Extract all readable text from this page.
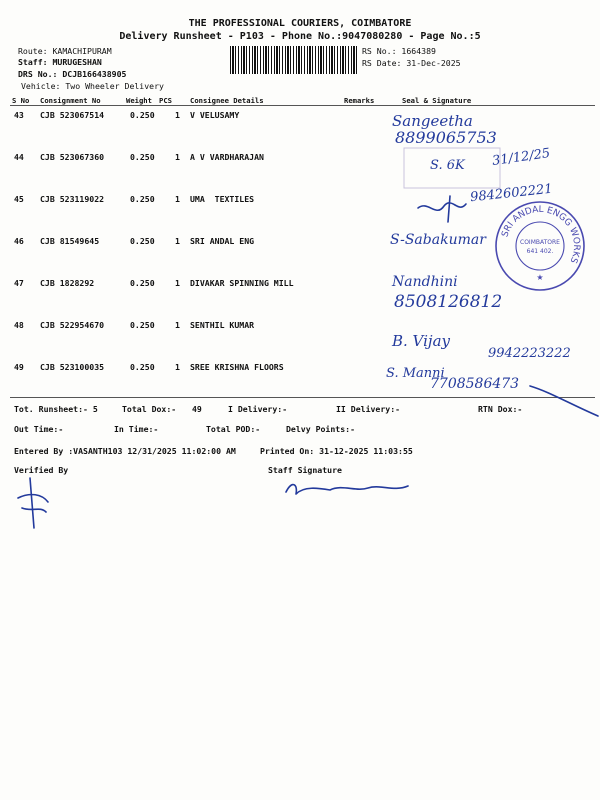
THE PROFESSIONAL COURIERS, COIMBATORE
Delivery Runsheet - P103 - Phone No.:9047080280 - Page No.:5
Route: KAMACHIPURAM
Staff: MURUGESHAN
DRS No.: DCJB166438905
Vehicle: Two Wheeler Delivery
RS No.: 1664389
RS Date: 31-Dec-2025
S No Consignment No	Weight PCS	Consignee Details	Remarks	Seal & Signature
43 CJB 523067514	0.250 1 V VELUSAMY
44 CJB 523067360	0.250 1 A V VARDHARAJAN
45 CJB 523119022	0.250 1 UMA  TEXTILES
46 CJB 81549645	0.250 1 SRI ANDAL ENG
47 CJB 1828292	0.250 1 DIVAKAR SPINNING MILL
48 CJB 522954670	0.250 1 SENTHIL KUMAR
49 CJB 523100035	0.250 1 SREE KRISHNA FLOORS
Tot. Runsheet:- 5	Total Dox:- 49	I Delivery:-	II Delivery:-	RTN Dox:-
Out Time:-	In Time:-	Total POD:-	Delvy Points:-
Entered By :VASANTH103 12/31/2025 11:02:00 AM	Printed On: 31-12-2025 11:03:55
Verified By	Staff Signature
Sangeetha
8899065753
S. 6K 31/12/25
9842602221
S-Sabakumar
Nandhini
8508126812
B. Vijay
9942223222
S. Manni
7708586473
SRI ANDAL ENGG WORKS
COIMBATORE
641 402.
★
